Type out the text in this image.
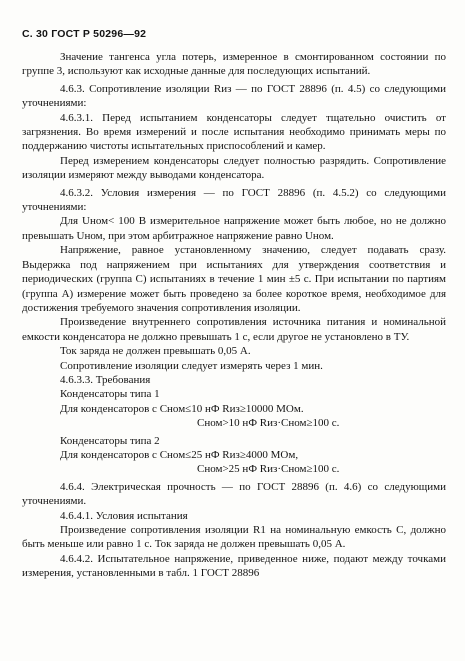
С. 30 ГОСТ Р 50296—92

Значение тангенса угла потерь, измеренное в смонтированном состоянии по группе 3, используют как исходные данные для последующих испытаний.

4.6.3. Сопротивление изоляции Rиз — по ГОСТ 28896 (п. 4.5) со следующими уточнениями:

4.6.3.1. Перед испытанием конденсаторы следует тщательно очистить от загрязнения. Во время измерений и после испытания необходимо принимать меры по поддержанию чистоты испытательных приспособлений и камер.

Перед измерением конденсаторы следует полностью разрядить. Сопротивление изоляции измеряют между выводами конденсатора.

4.6.3.2. Условия измерения — по ГОСТ 28896 (п. 4.5.2) со следующими уточнениями:

Для Uном< 100 В измерительное напряжение может быть любое, но не должно превышать Uном, при этом арбитражное напряжение равно Uном.

Напряжение, равное установленному значению, следует подавать сразу. Выдержка под напряжением при испытаниях для утверждения соответствия и периодических (группа С) испытаниях в течение 1 мин ±5 с. При испытании по партиям (группа А) измерение может быть проведено за более короткое время, необходимое для достижения требуемого значения сопротивления изоляции.

Произведение внутреннего сопротивления источника питания и номинальной емкости конденсатора не должно превышать 1 с, если другое не установлено в ТУ.

Ток заряда не должен превышать 0,05 А.

Сопротивление изоляции следует измерять через 1 мин.

4.6.3.3. Требования

Конденсаторы типа 1

Для конденсаторов с Сном≤10 нФ Rиз≥10000 МОм.

Сном>10 нФ Rиз·Сном≥100 с.

Конденсаторы типа 2

Для конденсаторов с Сном≤25 нФ Rиз≥4000 МОм,

Сном>25 нФ Rиз·Сном≥100 с.

4.6.4. Электрическая прочность — по ГОСТ 28896 (п. 4.6) со следующими уточнениями.

4.6.4.1. Условия испытания

Произведение сопротивления изоляции R1 на номинальную емкость С, должно быть меньше или равно 1 с. Ток заряда не должен превышать 0,05 А.

4.6.4.2. Испытательное напряжение, приведенное ниже, подают между точками измерения, установленными в табл. 1 ГОСТ 28896
